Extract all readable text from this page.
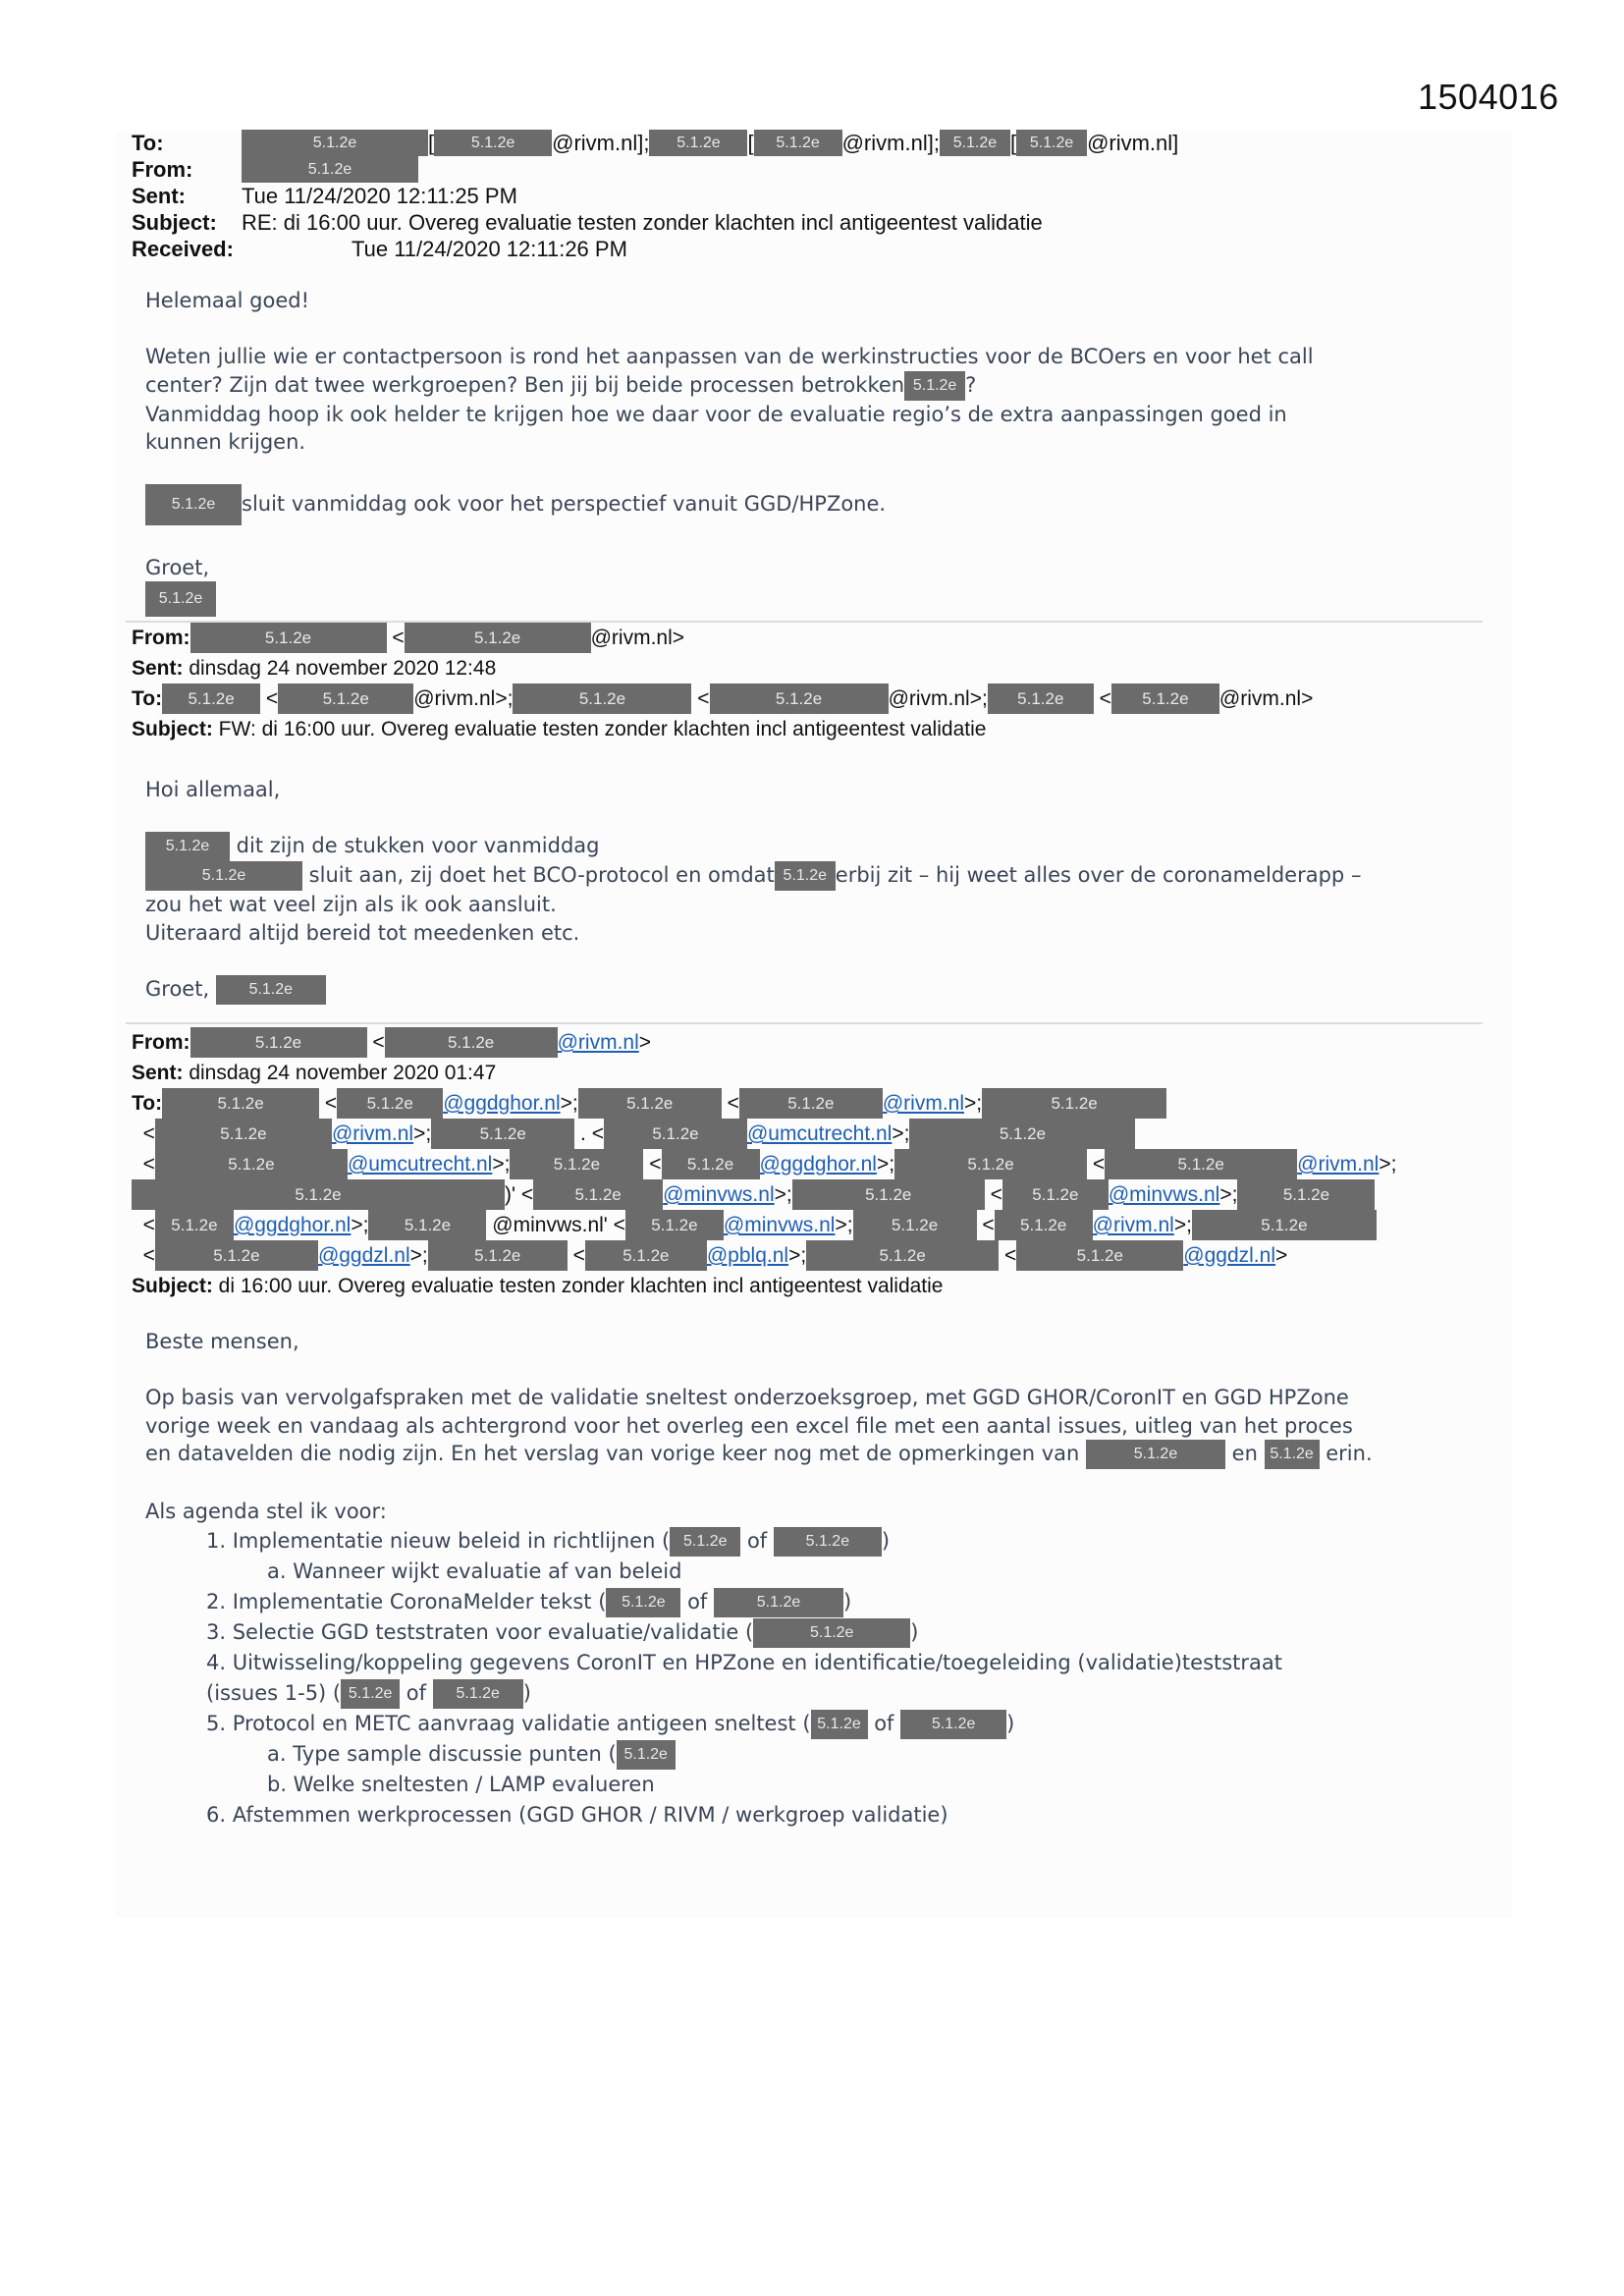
1504016
To:	5.1.2e	[ 5.1.2e @rivm.nl]; 5.1.2e [ 5.1.2e @rivm.nl]; 5.1.2e [ 5.1.2e @rivm.nl]
From:	5.1.2e
Sent:	Tue 11/24/2020 12:11:25 PM
Subject: RE: di 16:00 uur. Overeg evaluatie testen zonder klachten incl antigeentest validatie
Received:	Tue 11/24/2020 12:11:26 PM

Helemaal goed!

Weten jullie wie er contactpersoon is rond het aanpassen van de werkinstructies voor de BCOers en voor het call

center? Zijn dat twee werkgroepen? Ben jij bij beide processen betrokken 5.1.2e ?

Vanmiddag hoop ik ook helder te krijgen hoe we daar voor de evaluatie regio’s de extra aanpassingen goed in

kunnen krijgen.

5.1.2e sluit vanmiddag ook voor het perspectief vanuit GGD/HPZone.

Groet,

5.1.2e

From:	5.1.2e	<	5.1.2e	@rivm.nl>
Sent: dinsdag 24 november 2020 12:48
To: 5.1.2e <	5.1.2e @rivm.nl>;	5.1.2e	<	5.1.2e	@rivm.nl>; 5.1.2e < 5.1.2e @rivm.nl>
Subject: FW: di 16:00 uur. Overeg evaluatie testen zonder klachten incl antigeentest validatie

Hoi allemaal,

5.1.2e dit zijn de stukken voor vanmiddag

5.1.2e	sluit aan, zij doet het BCO-protocol en omdat 5.1.2e erbij zit – hij weet alles over de coronamelderapp –

zou het wat veel zijn als ik ook aansluit.

Uiteraard altijd bereid tot meedenken etc.

Groet, 5.1.2e

From:	5.1.2e	<	5.1.2e	@rivm.nl>
Sent: dinsdag 24 november 2020 01:47
To:	5.1.2e	< 5.1.2e @ggdghor.nl>;	5.1.2e <	5.1.2e @rivm.nl>;	5.1.2e
<	5.1.2e	@rivm.nl>;	5.1.2e . <	5.1.2e @umcutrecht.nl>;	5.1.2e
<	5.1.2e	@umcutrecht.nl>;	5.1.2e < 5.1.2e @ggdghor.nl>;	5.1.2e	<	5.1.2e	@rivm.nl>;
5.1.2e	)' < 5.1.2e @minvws.nl>;	5.1.2e	< 5.1.2e @minvws.nl>;	5.1.2e
< 5.1.2e @ggdghor.nl>; 5.1.2e @minvws.nl' < 5.1.2e @minvws.nl>; 5.1.2e < 5.1.2e @rivm.nl>;	5.1.2e
<	5.1.2e	@ggdzl.nl>;	5.1.2e < 5.1.2e @pblq.nl>;	5.1.2e	<	5.1.2e	@ggdzl.nl>
Subject: di 16:00 uur. Overeg evaluatie testen zonder klachten incl antigeentest validatie

Beste mensen,

Op basis van vervolgafspraken met de validatie sneltest onderzoeksgroep, met GGD GHOR/CoronIT en GGD HPZone

vorige week en vandaag als achtergrond voor het overleg een excel file met een aantal issues, uitleg van het proces

en datavelden die nodig zijn. En het verslag van vorige keer nog met de opmerkingen van	5.1.2e en 5.1.2e erin.

Als agenda stel ik voor:

1. Implementatie nieuw beleid in richtlijnen ( 5.1.2e of 5.1.2e )
a. Wanneer wijkt evaluatie af van beleid
2. Implementatie CoronaMelder tekst ( 5.1.2e of	5.1.2e )
3. Selectie GGD teststraten voor evaluatie/validatie (	5.1.2e	)
4. Uitwisseling/koppeling gegevens CoronIT en HPZone en identificatie/toegeleiding (validatie)teststraat
(issues 1-5) ( 5.1.2e of 5.1.2e )
5. Protocol en METC aanvraag validatie antigeen sneltest ( 5.1.2e of 5.1.2e )
a. Type sample discussie punten ( 5.1.2e
b. Welke sneltesten / LAMP evalueren
6. Afstemmen werkprocessen (GGD GHOR / RIVM / werkgroep validatie)
